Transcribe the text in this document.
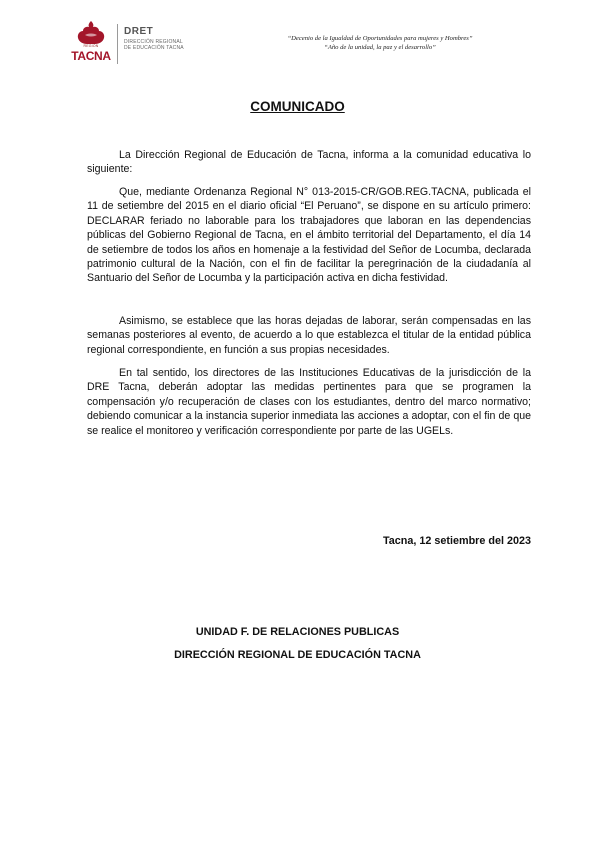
REGIÓN
TACNA
DRET
DIRECCIÓN REGIONAL
DE EDUCACIÓN TACNA
“Decenio de la Igualdad de Oportunidades para mujeres y Hombres”
“Año de la unidad, la paz y el desarrollo”
COMUNICADO

La Dirección Regional de Educación de Tacna, informa a la comunidad educativa lo siguiente:

Que, mediante Ordenanza Regional N° 013-2015-CR/GOB.REG.TACNA, publicada el 11 de setiembre del 2015 en el diario oficial “El Peruano”, se dispone en su artículo primero: DECLARAR feriado no laborable para los trabajadores que laboran en las dependencias públicas del Gobierno Regional de Tacna, en el ámbito territorial del Departamento, el día 14 de setiembre de todos los años en homenaje a la festividad del Señor de Locumba, declarada patrimonio cultural de la Nación, con el fin de facilitar la peregrinación de la ciudadanía al Santuario del Señor de Locumba y la participación activa en dicha festividad.

Asimismo, se establece que las horas dejadas de laborar, serán compensadas en las semanas posteriores al evento, de acuerdo a lo que establezca el titular de la entidad pública regional correspondiente, en función a sus propias necesidades.

En tal sentido, los directores de las Instituciones Educativas de la jurisdicción de la DRE Tacna, deberán adoptar las medidas pertinentes para que se programen la compensación y/o recuperación de clases con los estudiantes, dentro del marco normativo; debiendo comunicar a la instancia superior inmediata las acciones a adoptar, con el fin de que se realice el monitoreo y verificación correspondiente por parte de las UGELs.

Tacna, 12 setiembre del 2023
UNIDAD F. DE RELACIONES PUBLICAS
DIRECCIÓN REGIONAL DE EDUCACIÓN TACNA
